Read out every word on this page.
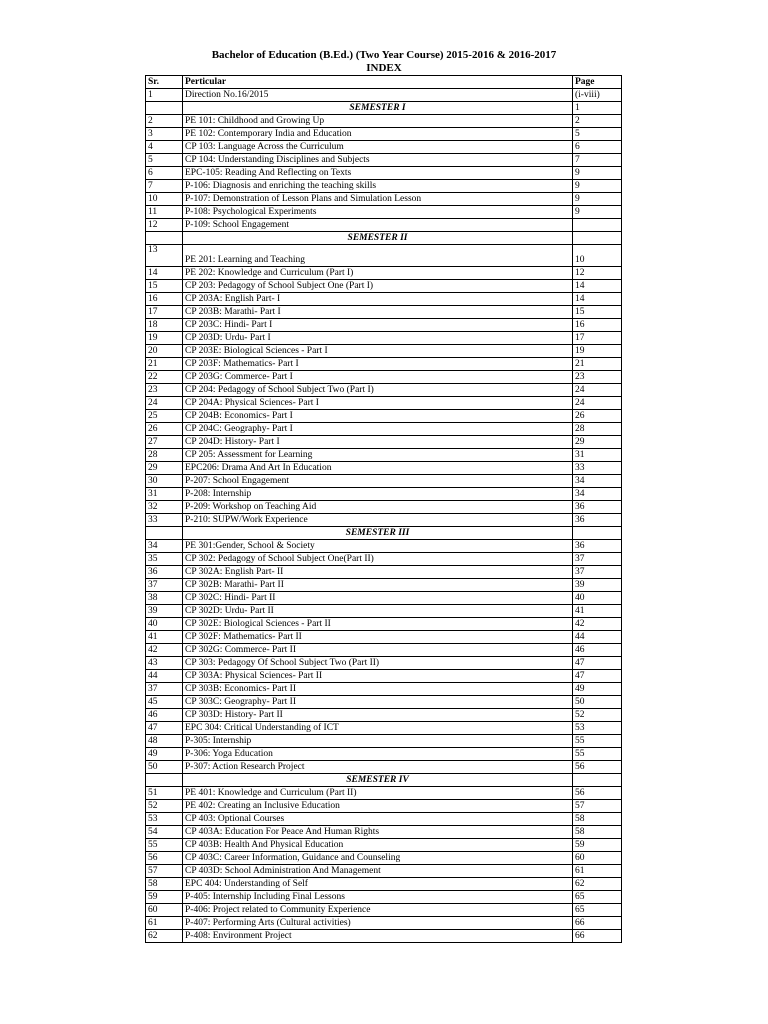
Bachelor of Education (B.Ed.) (Two Year Course) 2015-2016 & 2016-2017
INDEX
Sr.	Perticular	Page
1	Direction No.16/2015	(i-viii)
	SEMESTER I	1
2	PE 101: Childhood and Growing Up	2
3	PE 102: Contemporary India and Education	5
4	CP 103: Language Across the Curriculum	6
5	CP 104: Understanding Disciplines and Subjects	7
6	EPC-105: Reading And Reflecting on Texts	9
7	P-106: Diagnosis and enriching the teaching skills	9
10	P-107: Demonstration of Lesson Plans and Simulation Lesson	9
11	P-108: Psychological Experiments	9
12	P-109: School Engagement	
	SEMESTER II	
13	PE 201: Learning and Teaching	10
14	PE 202: Knowledge and Curriculum (Part I)	12
15	CP 203: Pedagogy of School Subject One (Part I)	14
16	CP 203A: English Part- I	14
17	CP 203B: Marathi- Part I	15
18	CP 203C: Hindi- Part I	16
19	CP 203D: Urdu- Part I	17
20	CP 203E: Biological Sciences - Part I	19
21	CP 203F: Mathematics- Part I	21
22	CP 203G: Commerce- Part I	23
23	CP 204: Pedagogy of School Subject Two (Part I)	24
24	CP 204A: Physical Sciences- Part I	24
25	CP 204B: Economics- Part I	26
26	CP 204C: Geography- Part I	28
27	CP 204D: History- Part I	29
28	CP 205: Assessment for Learning	31
29	EPC206: Drama And Art In Education	33
30	P-207: School Engagement	34
31	P-208: Internship	34
32	P-209: Workshop on Teaching Aid	36
33	P-210: SUPW/Work Experience	36
	SEMESTER III	
34	PE 301:Gender, School & Society	36
35	CP 302: Pedagogy of School Subject One(Part II)	37
36	CP 302A: English Part- II	37
37	CP 302B: Marathi- Part II	39
38	CP 302C: Hindi- Part II	40
39	CP 302D: Urdu- Part II	41
40	CP 302E: Biological Sciences - Part II	42
41	CP 302F: Mathematics- Part II	44
42	CP 302G: Commerce- Part II	46
43	CP 303: Pedagogy Of School Subject Two (Part II)	47
44	CP 303A: Physical Sciences- Part II	47
37	CP 303B: Economics- Part II	49
45	CP 303C: Geography- Part II	50
46	CP 303D: History- Part II	52
47	EPC 304: Critical Understanding of ICT	53
48	P-305: Internship	55
49	P-306: Yoga Education	55
50	P-307: Action Research Project	56
	SEMESTER IV	
51	PE 401: Knowledge and Curriculum (Part II)	56
52	PE 402: Creating an Inclusive Education	57
53	CP 403: Optional Courses	58
54	CP 403A: Education For Peace And Human Rights	58
55	CP 403B: Health And Physical Education	59
56	CP 403C: Career Information, Guidance and Counseling	60
57	CP 403D: School Administration And Management	61
58	EPC 404: Understanding of Self	62
59	P-405: Internship Including Final Lessons	65
60	P-406: Project related to Community Experience	65
61	P-407: Performing Arts (Cultural activities)	66
62	P-408: Environment Project	66
